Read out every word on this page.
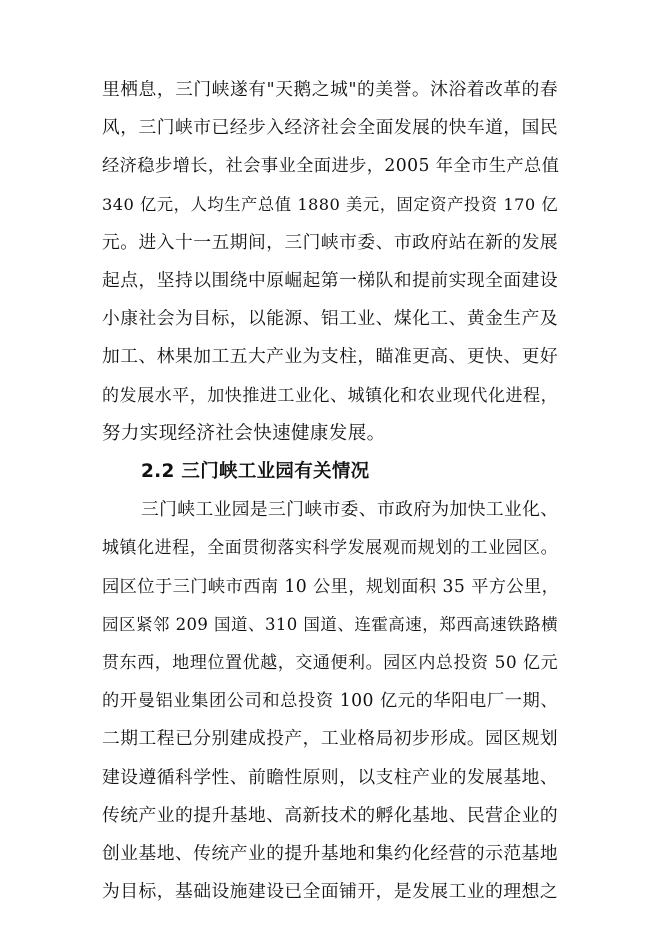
里栖息，三门峡遂有"天鹅之城"的美誉。沐浴着改革的春
风，三门峡市已经步入经济社会全面发展的快车道，国民
经济稳步增长，社会事业全面进步，2005 年全市生产总值
340 亿元，人均生产总值 1880 美元，固定资产投资 170 亿
元。进入十一五期间，三门峡市委、市政府站在新的发展
起点，坚持以围绕中原崛起第一梯队和提前实现全面建设
小康社会为目标，以能源、铝工业、煤化工、黄金生产及
加工、林果加工五大产业为支柱，瞄准更高、更快、更好
的发展水平，加快推进工业化、城镇化和农业现代化进程，
努力实现经济社会快速健康发展。
2.2 三门峡工业园有关情况
三门峡工业园是三门峡市委、市政府为加快工业化、
城镇化进程，全面贯彻落实科学发展观而规划的工业园区。
园区位于三门峡市西南 10 公里，规划面积 35 平方公里，
园区紧邻 209 国道、310 国道、连霍高速，郑西高速铁路横
贯东西，地理位置优越，交通便利。园区内总投资 50 亿元
的开曼铝业集团公司和总投资 100 亿元的华阳电厂一期、
二期工程已分别建成投产，工业格局初步形成。园区规划
建设遵循科学性、前瞻性原则，以支柱产业的发展基地、
传统产业的提升基地、高新技术的孵化基地、民营企业的
创业基地、传统产业的提升基地和集约化经营的示范基地
为目标，基础设施建设已全面铺开，是发展工业的理想之
